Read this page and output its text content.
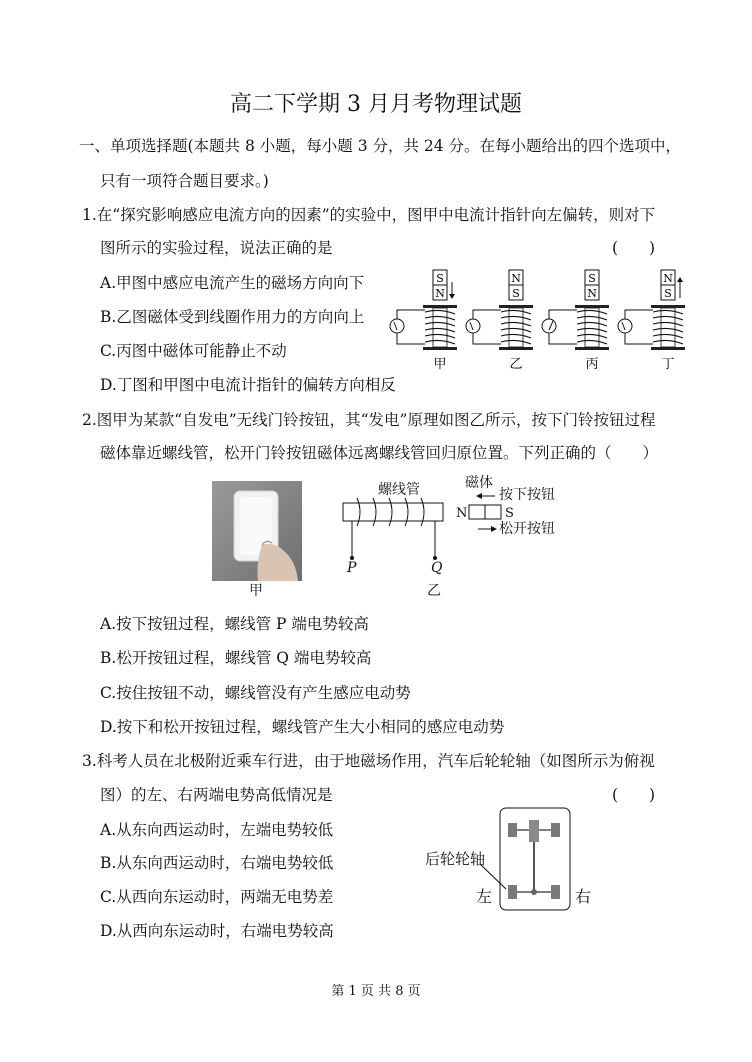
高二下学期 3 月月考物理试题
一、单项选择题(本题共 8 小题，每小题 3 分，共 24 分。在每小题给出的四个选项中，
只有一项符合题目要求。)
1.在“探究影响感应电流方向的因素”的实验中，图甲中电流计指针向左偏转，则对下
图所示的实验过程，说法正确的是	(　　)
A.甲图中感应电流产生的磁场方向向下
B.乙图磁体受到线圈作用力的方向向上
C.丙图中磁体可能静止不动
D.丁图和甲图中电流计指针的偏转方向相反
S
N
甲
N
S
乙
S
N
丙
N
S
丁
2.图甲为某款“自发电”无线门铃按钮，其“发电”原理如图乙所示，按下门铃按钮过程
磁体靠近螺线管，松开门铃按钮磁体远离螺线管回归原位置。下列正确的（　　）
甲
螺线管	磁体
按下按钮
松开按钮
N	S
P	Q
乙
A.按下按钮过程，螺线管 P 端电势较高
B.松开按钮过程，螺线管 Q 端电势较高
C.按住按钮不动，螺线管没有产生感应电动势
D.按下和松开按钮过程，螺线管产生大小相同的感应电动势
3.科考人员在北极附近乘车行进，由于地磁场作用，汽车后轮轮轴（如图所示为俯视
图）的左、右两端电势高低情况是	(　　)
A.从东向西运动时，左端电势较低
B.从东向西运动时，右端电势较低
C.从西向东运动时，两端无电势差
D.从西向东运动时，右端电势较高
后轮轮轴
左	右
第 1 页 共 8 页
